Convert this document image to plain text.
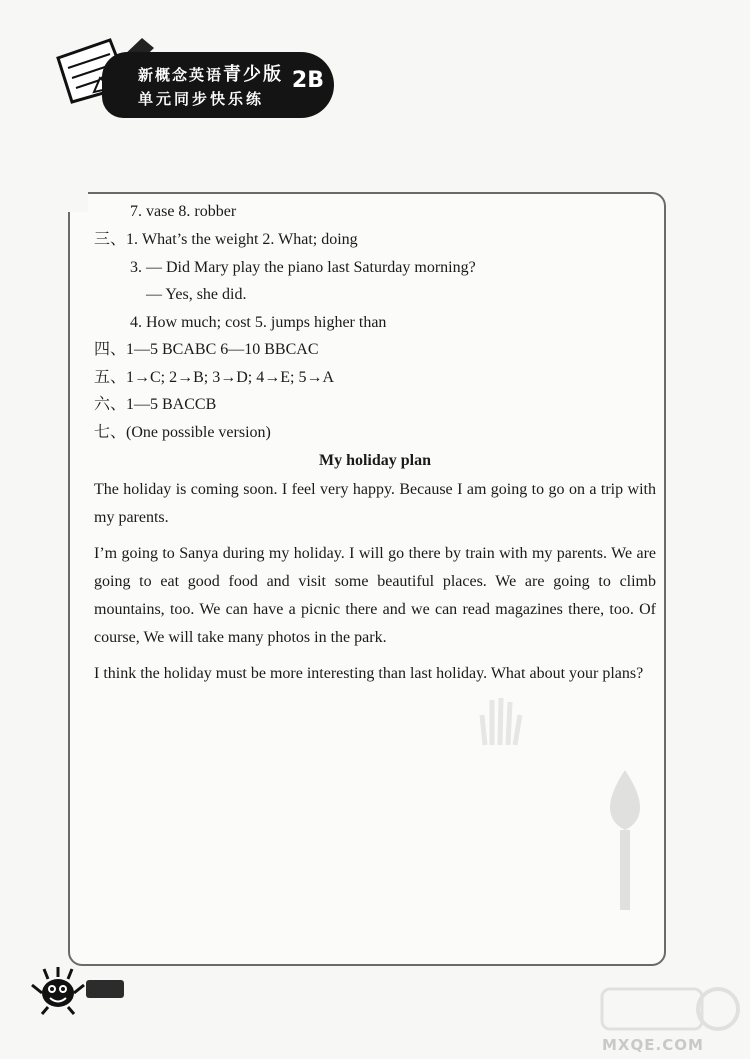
新概念英语青少版
单元同步快乐练
2B
7. vase 8. robber
三、1. What’s the weight 2. What; doing
3. — Did Mary play the piano last Saturday morning?
— Yes, she did.
4. How much; cost 5. jumps higher than
四、1—5 BCABC 6—10 BBCAC
五、1→C; 2→B; 3→D; 4→E; 5→A
六、1—5 BACCB
七、(One possible version)
My holiday plan
The holiday is coming soon. I feel very happy. Because I am going to go on a trip with my parents.
I’m going to Sanya during my holiday. I will go there by train with my parents. We are going to eat good food and visit some beautiful places. We are going to climb mountains, too. We can have a picnic there and we can read magazines there, too. Of course, We will take many photos in the park.
I think the holiday must be more interesting than last holiday. What about your plans?
MXQE.COM
